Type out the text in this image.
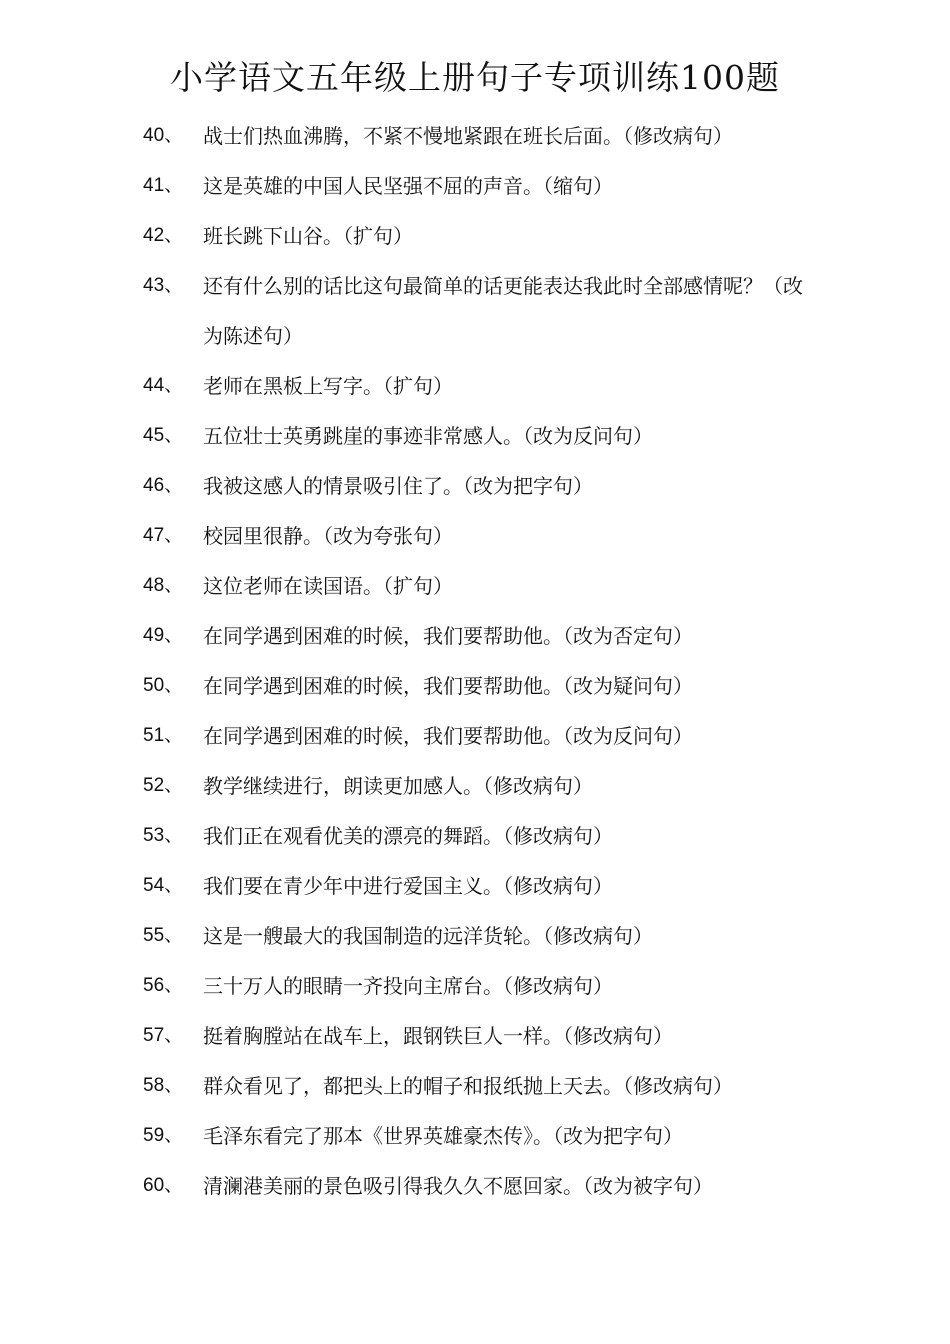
小学语文五年级上册句子专项训练100题
40、 战士们热血沸腾，不紧不慢地紧跟在班长后面。（修改病句）
41、 这是英雄的中国人民坚强不屈的声音。（缩句）
42、 班长跳下山谷。（扩句）
43、 还有什么别的话比这句最简单的话更能表达我此时全部感情呢？（改为陈述句）
44、 老师在黑板上写字。（扩句）
45、 五位壮士英勇跳崖的事迹非常感人。（改为反问句）
46、 我被这感人的情景吸引住了。（改为把字句）
47、 校园里很静。（改为夸张句）
48、 这位老师在读国语。（扩句）
49、 在同学遇到困难的时候，我们要帮助他。（改为否定句）
50、 在同学遇到困难的时候，我们要帮助他。（改为疑问句）
51、 在同学遇到困难的时候，我们要帮助他。（改为反问句）
52、 教学继续进行，朗读更加感人。（修改病句）
53、 我们正在观看优美的漂亮的舞蹈。（修改病句）
54、 我们要在青少年中进行爱国主义。（修改病句）
55、 这是一艘最大的我国制造的远洋货轮。（修改病句）
56、 三十万人的眼睛一齐投向主席台。（修改病句）
57、 挺着胸膛站在战车上，跟钢铁巨人一样。（修改病句）
58、 群众看见了，都把头上的帽子和报纸抛上天去。（修改病句）
59、 毛泽东看完了那本《世界英雄豪杰传》。（改为把字句）
60、 清澜港美丽的景色吸引得我久久不愿回家。（改为被字句）
